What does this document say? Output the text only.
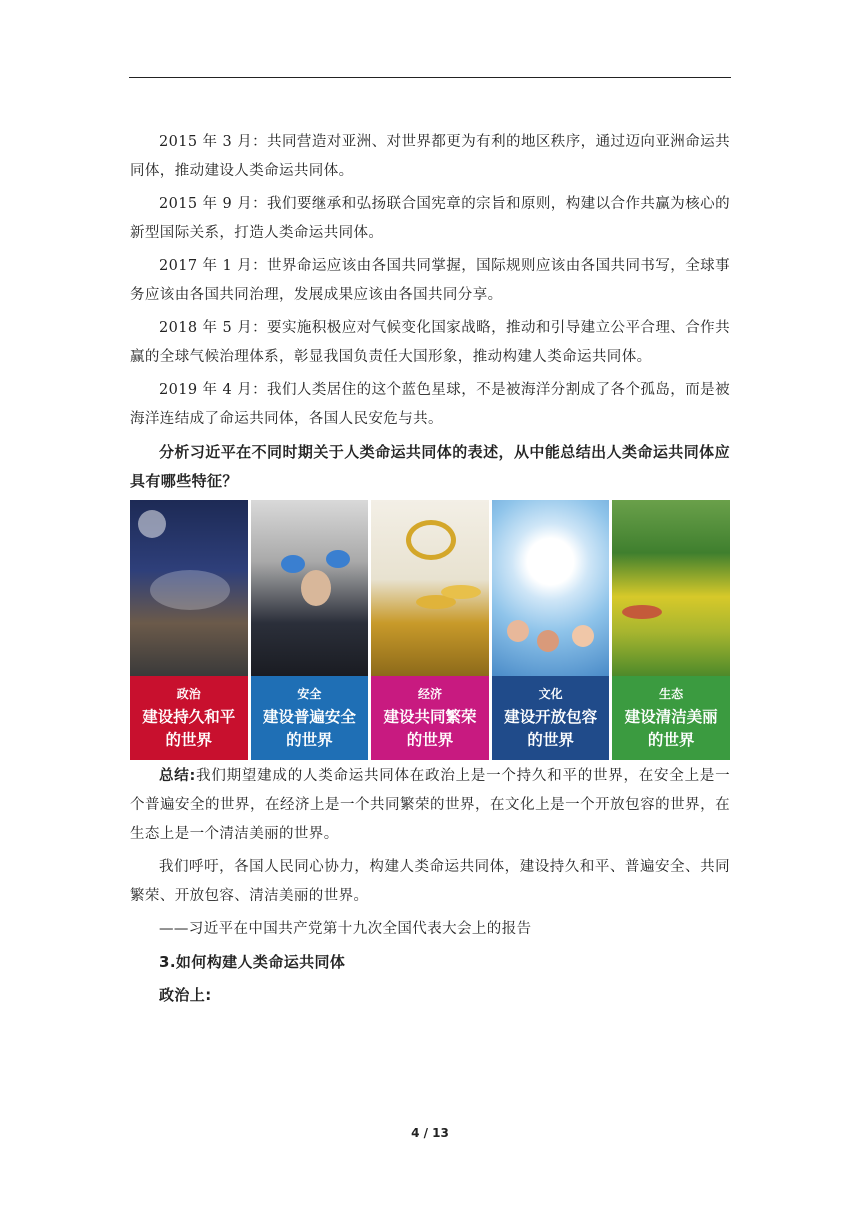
2015 年 3 月：共同营造对亚洲、对世界都更为有利的地区秩序，通过迈向亚洲命运共同体，推动建设人类命运共同体。

2015 年 9 月：我们要继承和弘扬联合国宪章的宗旨和原则，构建以合作共赢为核心的新型国际关系，打造人类命运共同体。

2017 年 1 月：世界命运应该由各国共同掌握，国际规则应该由各国共同书写，全球事务应该由各国共同治理，发展成果应该由各国共同分享。

2018 年 5 月：要实施积极应对气候变化国家战略，推动和引导建立公平合理、合作共赢的全球气候治理体系，彰显我国负责任大国形象，推动构建人类命运共同体。

2019 年 4 月：我们人类居住的这个蓝色星球，不是被海洋分割成了各个孤岛，而是被海洋连结成了命运共同体，各国人民安危与共。

分析习近平在不同时期关于人类命运共同体的表述，从中能总结出人类命运共同体应具有哪些特征？

政治
建设持久和平
的世界
安全
建设普遍安全
的世界
经济
建设共同繁荣
的世界
文化
建设开放包容
的世界
生态
建设清洁美丽
的世界

总结:我们期望建成的人类命运共同体在政治上是一个持久和平的世界，在安全上是一个普遍安全的世界，在经济上是一个共同繁荣的世界，在文化上是一个开放包容的世界，在生态上是一个清洁美丽的世界。

我们呼吁，各国人民同心协力，构建人类命运共同体，建设持久和平、普遍安全、共同繁荣、开放包容、清洁美丽的世界。

——习近平在中国共产党第十九次全国代表大会上的报告

3.如何构建人类命运共同体

政治上:

4 / 13
